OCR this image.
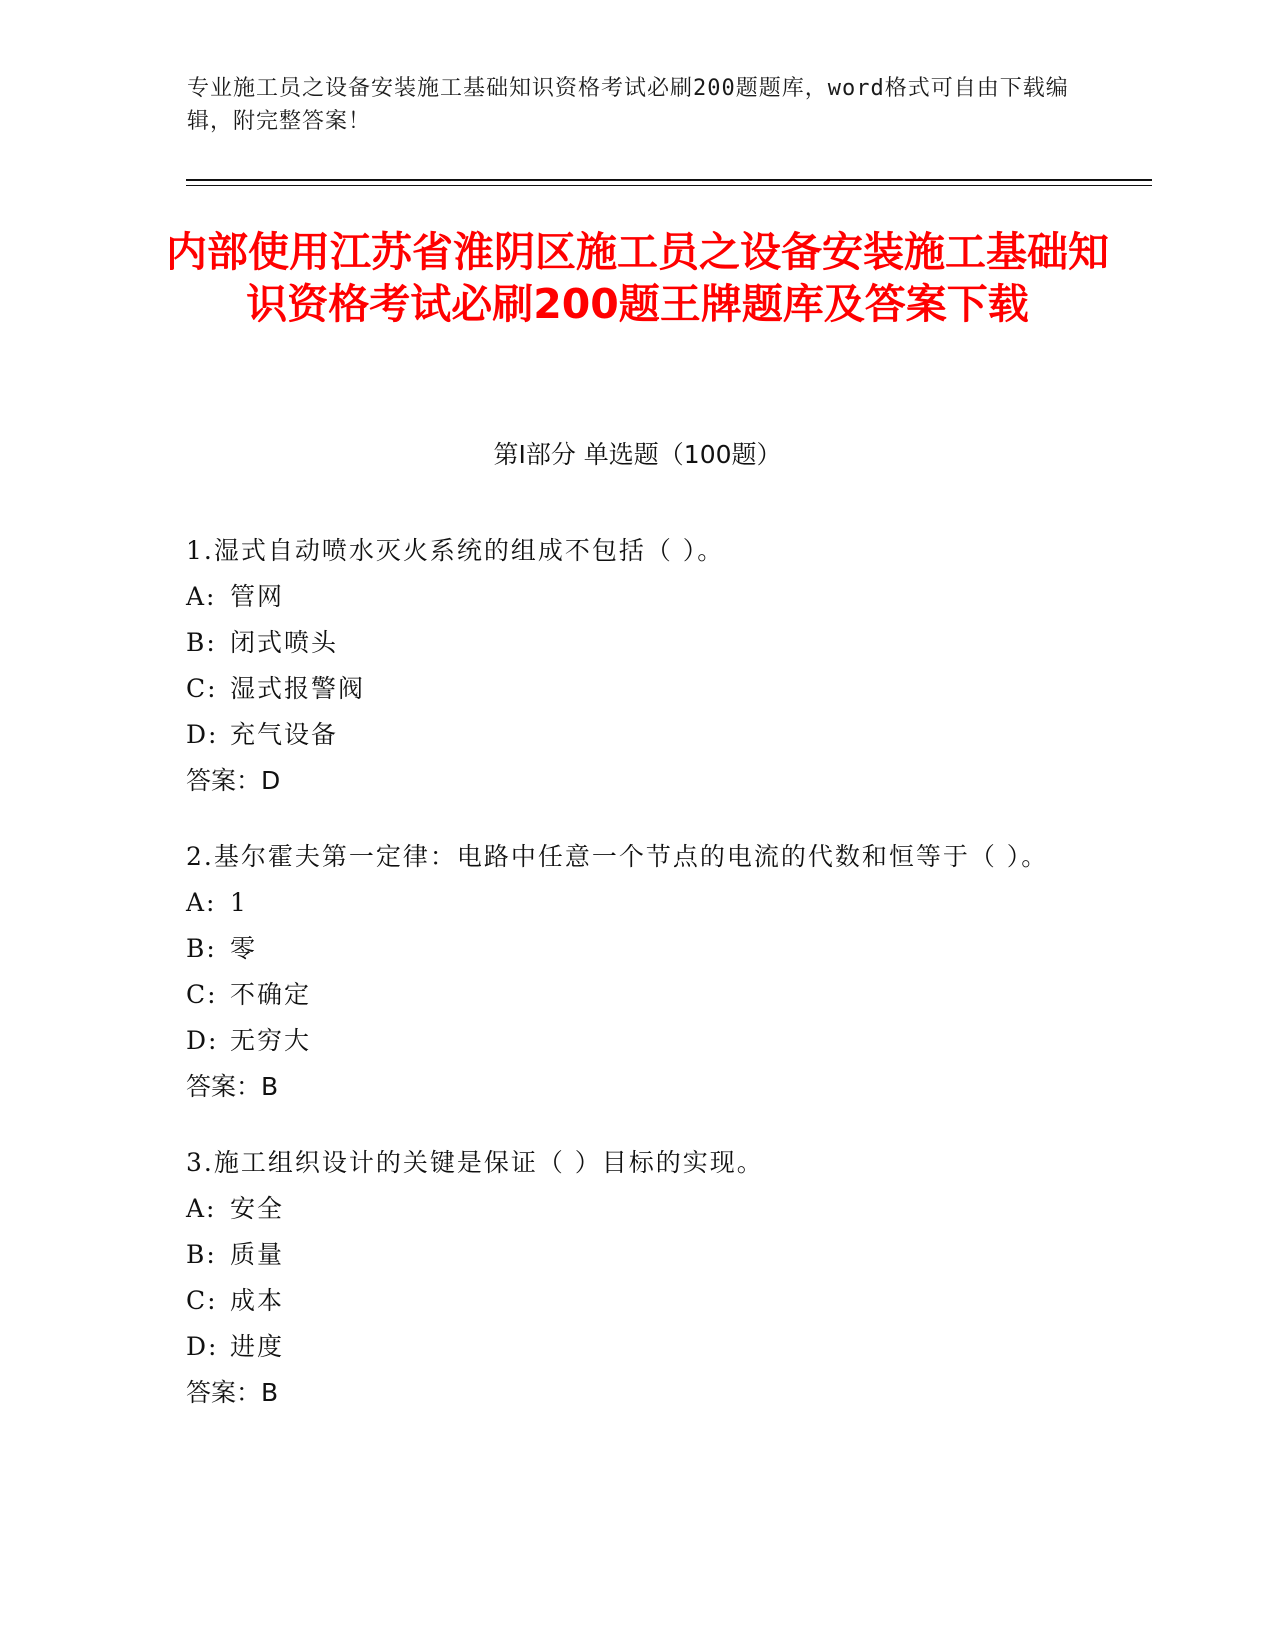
专业施工员之设备安装施工基础知识资格考试必刷200题题库，word格式可自由下载编辑，附完整答案！
内部使用江苏省淮阴区施工员之设备安装施工基础知识资格考试必刷200题王牌题库及答案下载
第Ⅰ部分 单选题（100题）
1.湿式自动喷水灭火系统的组成不包括（ ）。
A: 管网
B: 闭式喷头
C: 湿式报警阀
D: 充气设备
答案：D
2.基尔霍夫第一定律：电路中任意一个节点的电流的代数和恒等于（ ）。
A: 1
B: 零
C: 不确定
D: 无穷大
答案：B
3.施工组织设计的关键是保证（ ）目标的实现。
A: 安全
B: 质量
C: 成本
D: 进度
答案：B
